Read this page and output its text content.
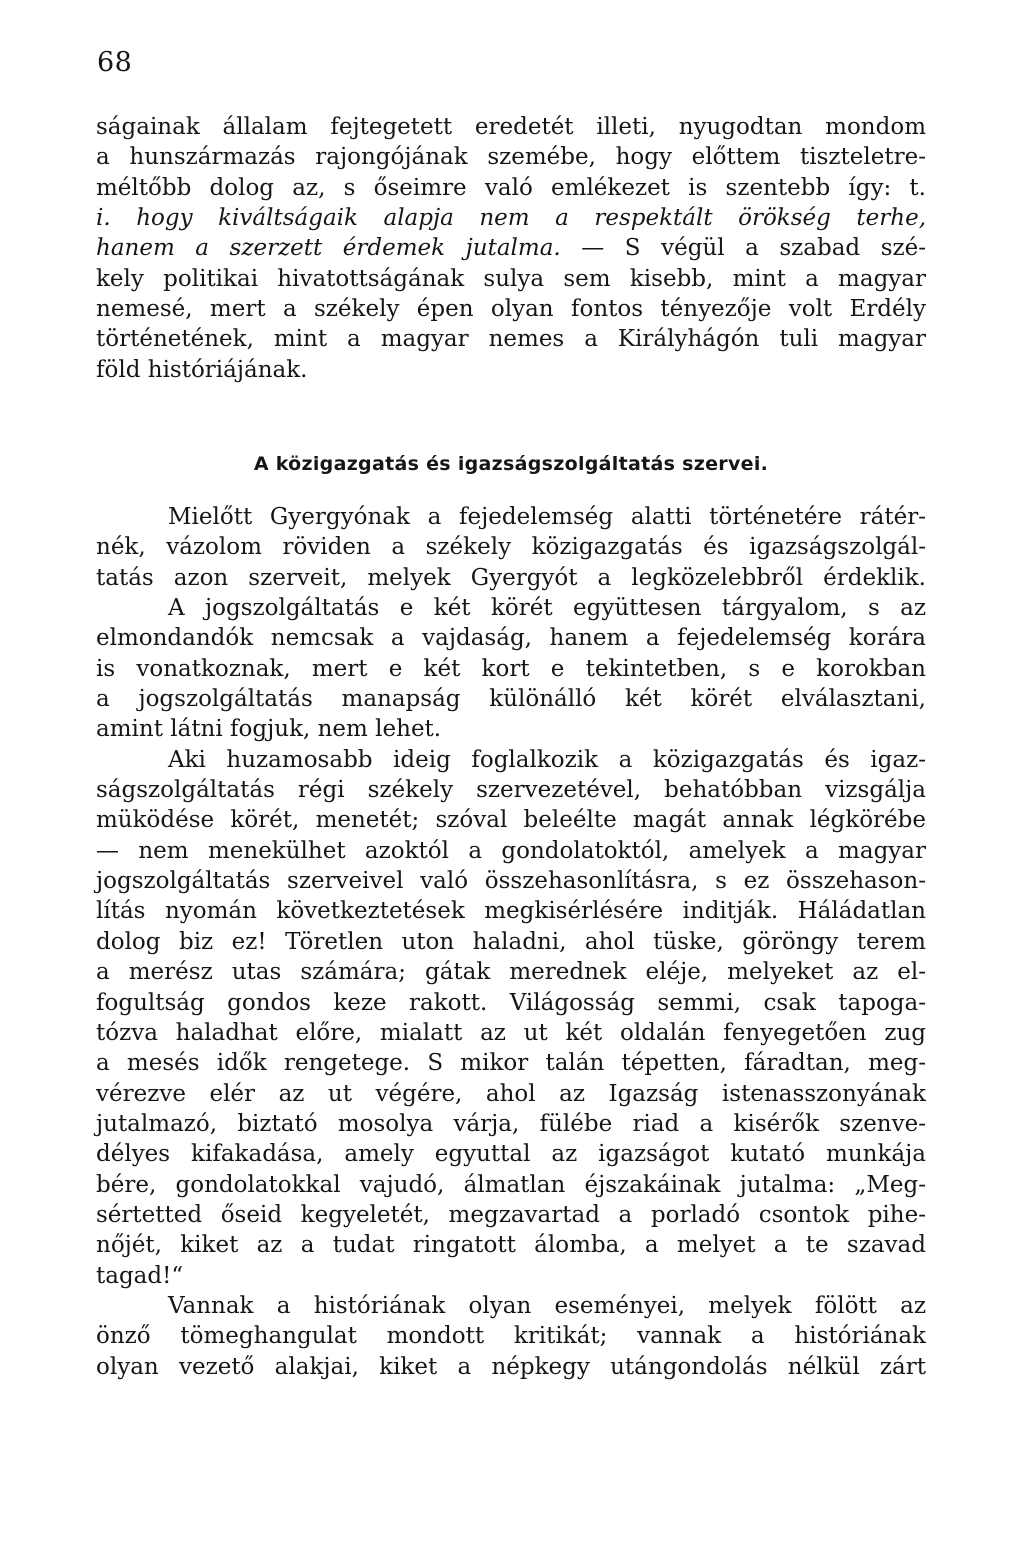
68
ságainak állalam fejtegetett eredetét illeti, nyugodtan mondom
a hunszármazás rajongójának szemébe, hogy előttem tiszteletre-
méltőbb dolog az, s őseimre való emlékezet is szentebb így: t.
i. hogy kiváltságaik alapja nem a respektált örökség terhe,
hanem a szerzett érdemek jutalma. — S végül a szabad szé-
kely politikai hivatottságának sulya sem kisebb, mint a magyar
nemesé, mert a székely épen olyan fontos tényezője volt Erdély
történetének, mint a magyar nemes a Királyhágón tuli magyar
föld históriájának.
A közigazgatás és igazságszolgáltatás szervei.
Mielőtt Gyergyónak a fejedelemség alatti történetére rátér-
nék, vázolom röviden a székely közigazgatás és igazságszolgál-
tatás azon szerveit, melyek Gyergyót a legközelebbről érdeklik.
A jogszolgáltatás e két körét együttesen tárgyalom, s az
elmondandók nemcsak a vajdaság, hanem a fejedelemség korára
is vonatkoznak, mert e két kort e tekintetben, s e korokban
a jogszolgáltatás manapság különálló két körét elválasztani,
amint látni fogjuk, nem lehet.
Aki huzamosabb ideig foglalkozik a közigazgatás és igaz-
ságszolgáltatás régi székely szervezetével, behatóbban vizsgálja
müködése körét, menetét; szóval beleélte magát annak légkörébe
— nem menekülhet azoktól a gondolatoktól, amelyek a magyar
jogszolgáltatás szerveivel való összehasonlításra, s ez összehason-
lítás nyomán következtetések megkisérlésére inditják. Háládatlan
dolog biz ez! Töretlen uton haladni, ahol tüske, göröngy terem
a merész utas számára; gátak merednek eléje, melyeket az el-
fogultság gondos keze rakott. Világosság semmi, csak tapoga-
tózva haladhat előre, mialatt az ut két oldalán fenyegetően zug
a mesés idők rengetege. S mikor talán tépetten, fáradtan, meg-
vérezve elér az ut végére, ahol az Igazság istenasszonyának
jutalmazó, biztató mosolya várja, fülébe riad a kisérők szenve-
délyes kifakadása, amely egyuttal az igazságot kutató munkája
bére, gondolatokkal vajudó, álmatlan éjszakáinak jutalma: „Meg-
sértetted őseid kegyeletét, megzavartad a porladó csontok pihe-
nőjét, kiket az a tudat ringatott álomba, a melyet a te szavad
tagad!“
Vannak a históriának olyan eseményei, melyek fölött az
önző tömeghangulat mondott kritikát; vannak a históriának
olyan vezető alakjai, kiket a népkegy utángondolás nélkül zárt
